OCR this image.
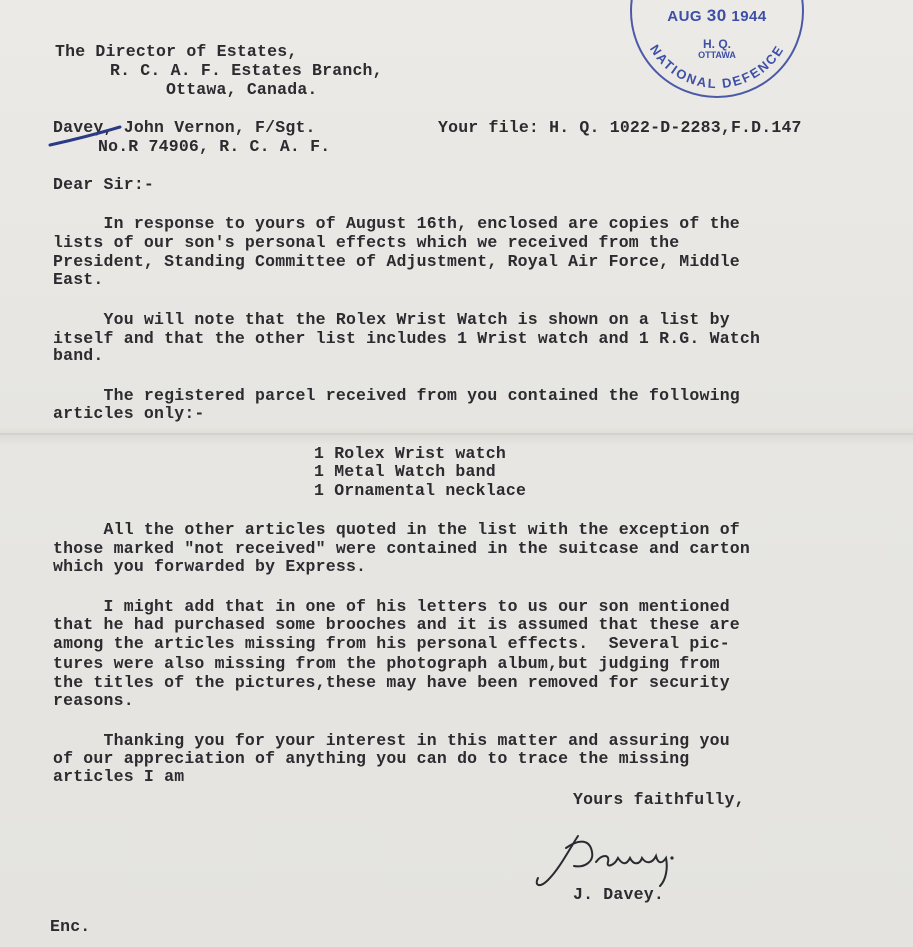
NATIONAL DEFENCE
AUG 30 1944
H. Q.
OTTAWA
The Director of Estates,
R. C. A. F. Estates Branch,
Ottawa, Canada.
Davey, John Vernon, F/Sgt.
No.R 74906, R. C. A. F.
Your file: H. Q. 1022-D-2283,F.D.147
Dear Sir:-
In response to yours of August 16th, enclosed are copies of the
lists of our son's personal effects which we received from the
President, Standing Committee of Adjustment, Royal Air Force, Middle
East.
You will note that the Rolex Wrist Watch is shown on a list by
itself and that the other list includes 1 Wrist watch and 1 R.G. Watch
band.
The registered parcel received from you contained the following
articles only:-
1 Rolex Wrist watch
1 Metal Watch band
1 Ornamental necklace
All the other articles quoted in the list with the exception of
those marked "not received" were contained in the suitcase and carton
which you forwarded by Express.
I might add that in one of his letters to us our son mentioned
that he had purchased some brooches and it is assumed that these are
among the articles missing from his personal effects.  Several pic-
tures were also missing from the photograph album,but judging from
the titles of the pictures,these may have been removed for security
reasons.
Thanking you for your interest in this matter and assuring you
of our appreciation of anything you can do to trace the missing
articles I am
Yours faithfully,
J. Davey.
Enc.
